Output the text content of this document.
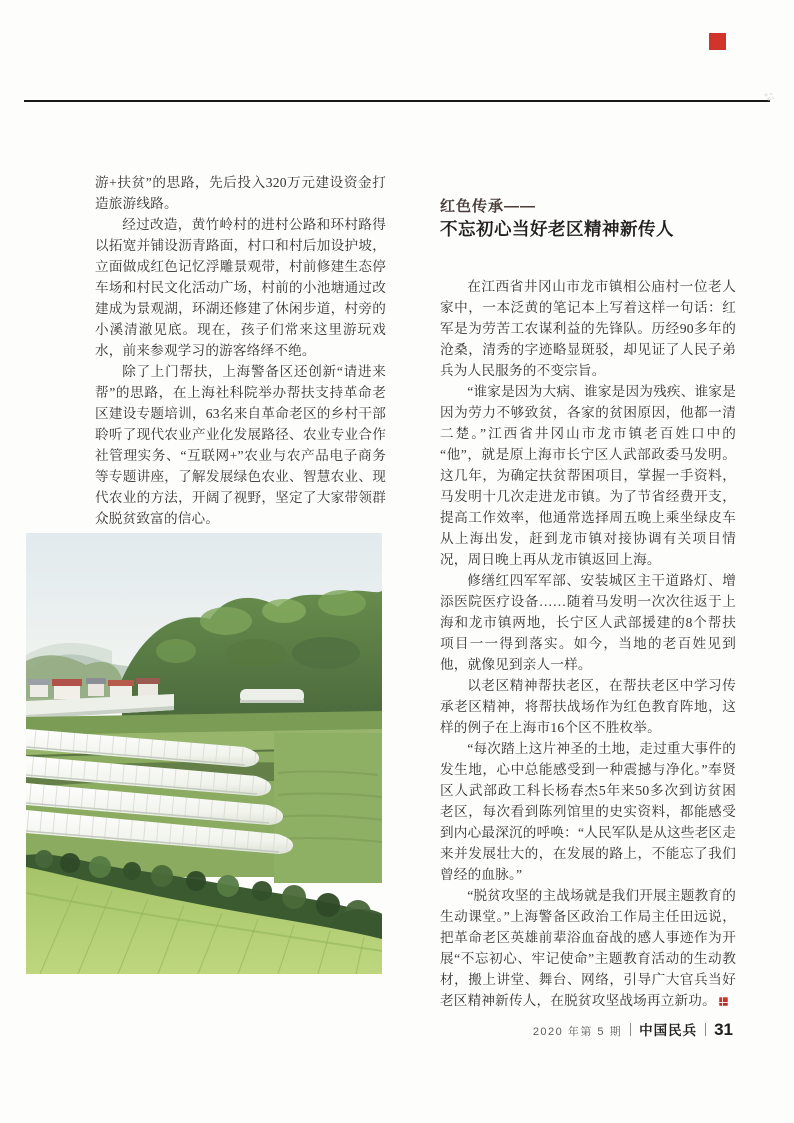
游+扶贫”的思路，先后投入320万元建设资金打造旅游线路。

经过改造，黄竹岭村的进村公路和环村路得以拓宽并铺设沥青路面，村口和村后加设护坡，立面做成红色记忆浮雕景观带，村前修建生态停车场和村民文化活动广场，村前的小池塘通过改建成为景观湖，环湖还修建了休闲步道，村旁的小溪清澈见底。现在，孩子们常来这里游玩戏水，前来参观学习的游客络绎不绝。

除了上门帮扶，上海警备区还创新“请进来帮”的思路，在上海社科院举办帮扶支持革命老区建设专题培训，63名来自革命老区的乡村干部聆听了现代农业产业化发展路径、农业专业合作社管理实务、“互联网+”农业与农产品电子商务等专题讲座，了解发展绿色农业、智慧农业、现代农业的方法，开阔了视野，坚定了大家带领群众脱贫致富的信心。

红色传承——
不忘初心当好老区精神新传人

在江西省井冈山市龙市镇相公庙村一位老人家中，一本泛黄的笔记本上写着这样一句话：红军是为劳苦工农谋利益的先锋队。历经90多年的沧桑，清秀的字迹略显斑驳，却见证了人民子弟兵为人民服务的不变宗旨。

“谁家是因为大病、谁家是因为残疾、谁家是因为劳力不够致贫，各家的贫困原因，他都一清二楚。”江西省井冈山市龙市镇老百姓口中的“他”，就是原上海市长宁区人武部政委马发明。这几年，为确定扶贫帮困项目，掌握一手资料，马发明十几次走进龙市镇。为了节省经费开支，提高工作效率，他通常选择周五晚上乘坐绿皮车从上海出发，赶到龙市镇对接协调有关项目情况，周日晚上再从龙市镇返回上海。

修缮红四军军部、安装城区主干道路灯、增添医院医疗设备……随着马发明一次次往返于上海和龙市镇两地，长宁区人武部援建的8个帮扶项目一一得到落实。如今，当地的老百姓见到他，就像见到亲人一样。

以老区精神帮扶老区，在帮扶老区中学习传承老区精神，将帮扶战场作为红色教育阵地，这样的例子在上海市16个区不胜枚举。

“每次踏上这片神圣的土地，走过重大事件的发生地，心中总能感受到一种震撼与净化。”奉贤区人武部政工科长杨春杰5年来50多次到访贫困老区，每次看到陈列馆里的史实资料，都能感受到内心最深沉的呼唤：“人民军队是从这些老区走来并发展壮大的，在发展的路上，不能忘了我们曾经的血脉。”

“脱贫攻坚的主战场就是我们开展主题教育的生动课堂。”上海警备区政治工作局主任田远说，把革命老区英雄前辈浴血奋战的感人事迹作为开展“不忘初心、牢记使命”主题教育活动的生动教材，搬上讲堂、舞台、网络，引导广大官兵当好老区精神新传人，在脱贫攻坚战场再立新功。

2020 年第 5 期 中国民兵 31
